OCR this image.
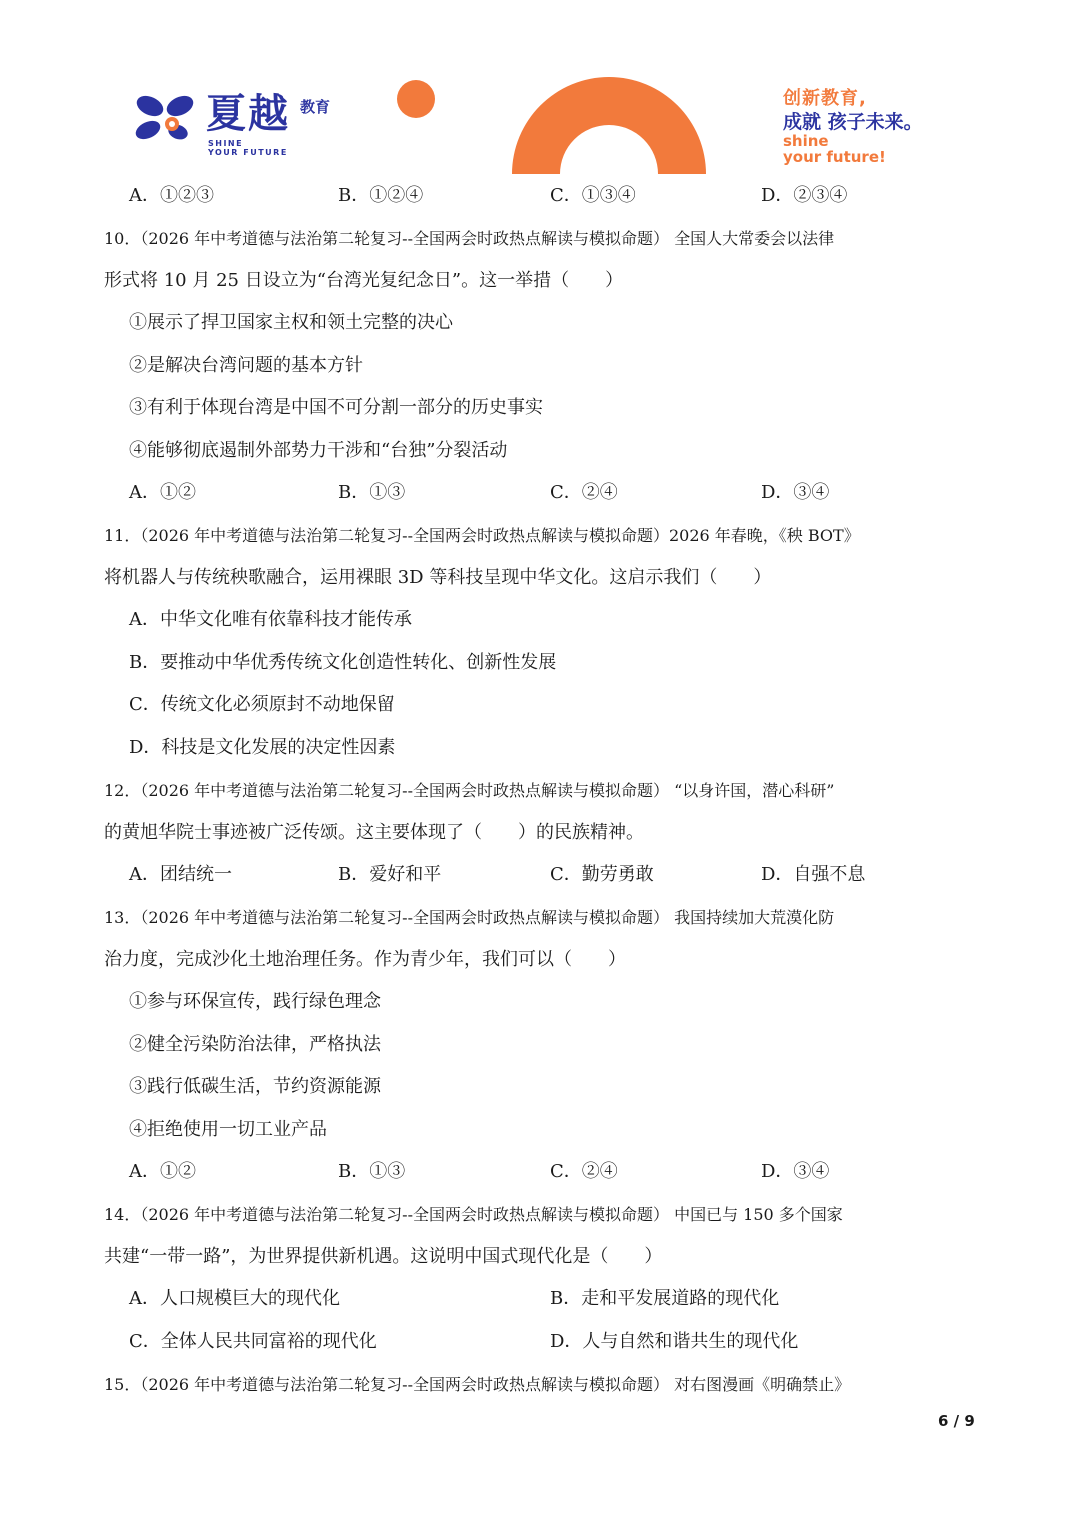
夏越 教育
SHINE
YOUR FUTURE
创新教育,
成就 孩子未来。
shine
your future!
A．①②③	B．①②④	C．①③④	D．②③④
10．（2026 年中考道德与法治第二轮复习--全国两会时政热点解读与模拟命题） 全国人大常委会以法律
形式将 10 月 25 日设立为“台湾光复纪念日”。这一举措（　　）
①展示了捍卫国家主权和领土完整的决心
②是解决台湾问题的基本方针
③有利于体现台湾是中国不可分割一部分的历史事实
④能够彻底遏制外部势力干涉和“台独”分裂活动
A．①②	B．①③	C．②④	D．③④
11．（2026 年中考道德与法治第二轮复习--全国两会时政热点解读与模拟命题）2026 年春晚，《秧 BOT》
将机器人与传统秧歌融合，运用裸眼 3D 等科技呈现中华文化。这启示我们（　　）
A．中华文化唯有依靠科技才能传承
B．要推动中华优秀传统文化创造性转化、创新性发展
C．传统文化必须原封不动地保留
D．科技是文化发展的决定性因素
12．（2026 年中考道德与法治第二轮复习--全国两会时政热点解读与模拟命题） “以身许国，潜心科研”
的黄旭华院士事迹被广泛传颂。这主要体现了（　　）的民族精神。
A．团结统一	B．爱好和平	C．勤劳勇敢	D．自强不息
13．（2026 年中考道德与法治第二轮复习--全国两会时政热点解读与模拟命题） 我国持续加大荒漠化防
治力度，完成沙化土地治理任务。作为青少年，我们可以（　　）
①参与环保宣传，践行绿色理念
②健全污染防治法律，严格执法
③践行低碳生活，节约资源能源
④拒绝使用一切工业产品
A．①②	B．①③	C．②④	D．③④
14．（2026 年中考道德与法治第二轮复习--全国两会时政热点解读与模拟命题） 中国已与 150 多个国家
共建“一带一路”，为世界提供新机遇。这说明中国式现代化是（　　）
A．人口规模巨大的现代化	B．走和平发展道路的现代化
C．全体人民共同富裕的现代化	D．人与自然和谐共生的现代化
15．（2026 年中考道德与法治第二轮复习--全国两会时政热点解读与模拟命题） 对右图漫画《明确禁止》
6 / 9
